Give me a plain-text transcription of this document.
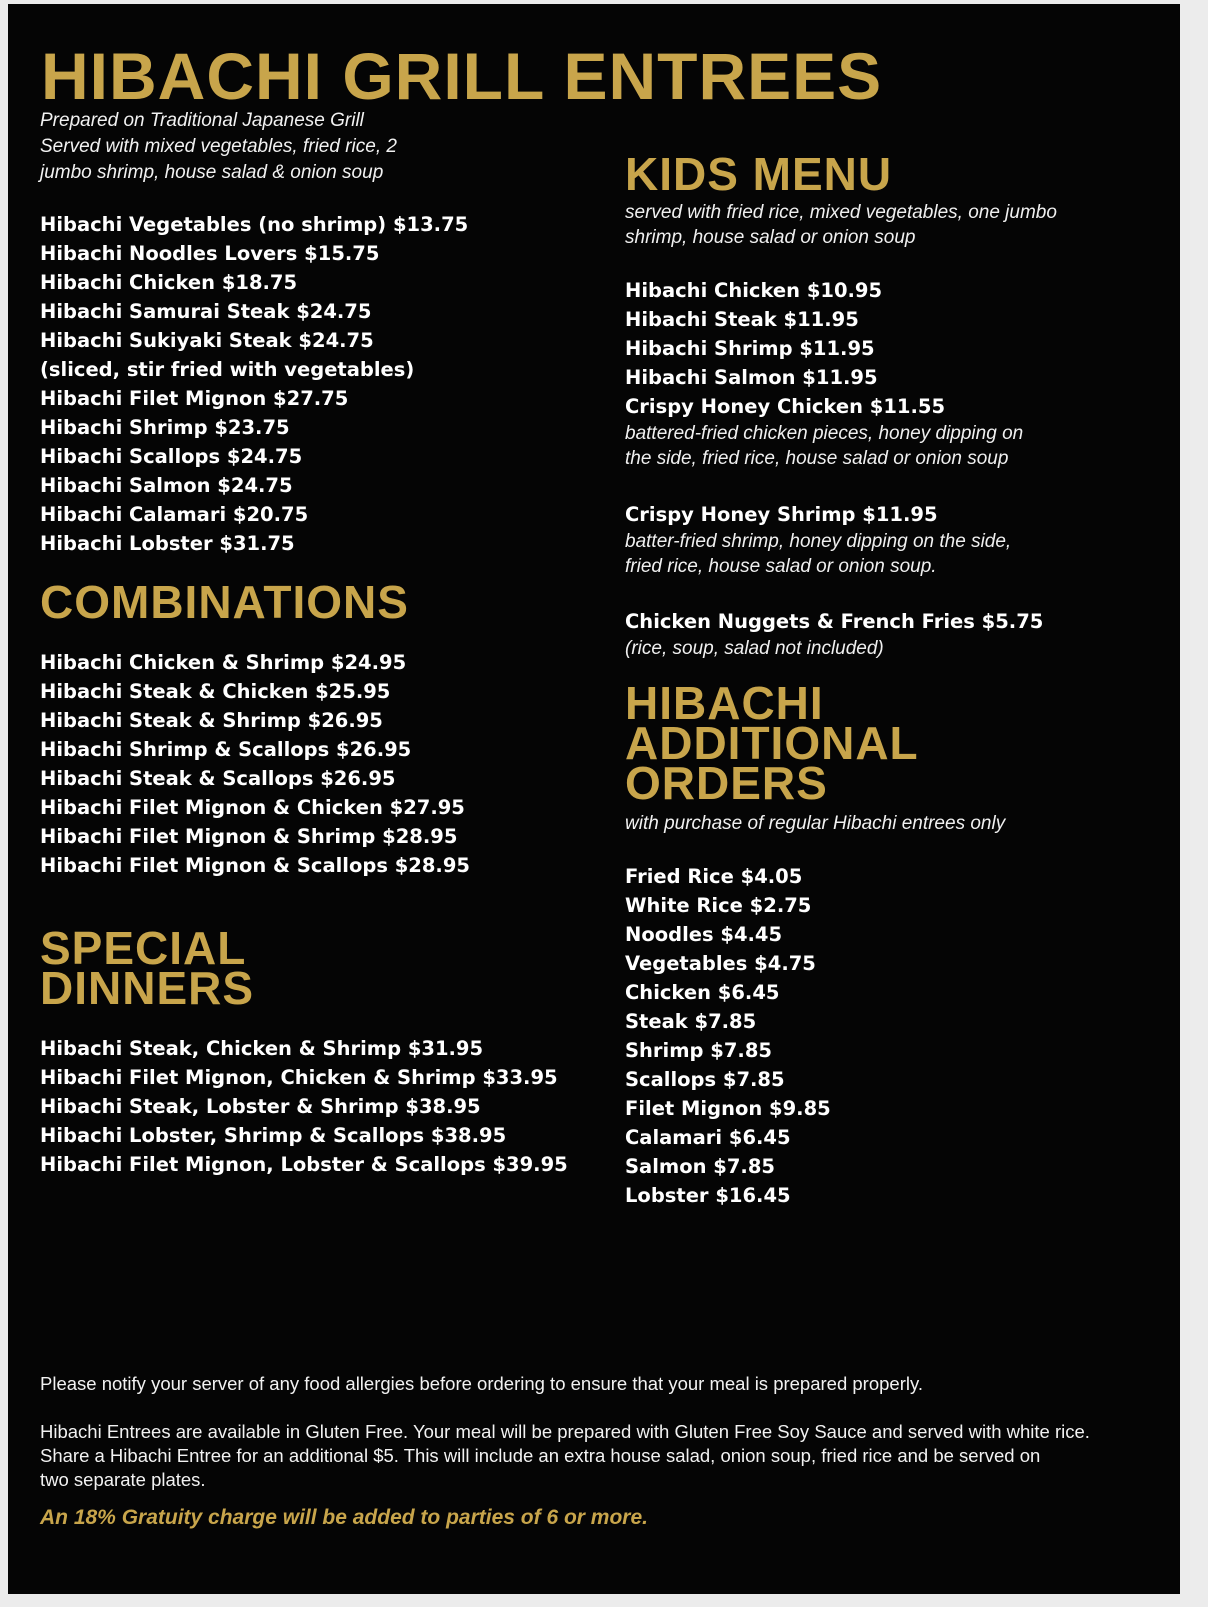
HIBACHI GRILL ENTREES
Prepared on Traditional Japanese Grill
Served with mixed vegetables, fried rice, 2
jumbo shrimp, house salad & onion soup
Hibachi Vegetables (no shrimp) $13.75
Hibachi Noodles Lovers $15.75
Hibachi Chicken $18.75
Hibachi Samurai Steak $24.75
Hibachi Sukiyaki Steak $24.75
(sliced, stir fried with vegetables)
Hibachi Filet Mignon $27.75
Hibachi Shrimp $23.75
Hibachi Scallops $24.75
Hibachi Salmon $24.75
Hibachi Calamari $20.75
Hibachi Lobster $31.75
COMBINATIONS
Hibachi Chicken & Shrimp $24.95
Hibachi Steak & Chicken $25.95
Hibachi Steak & Shrimp $26.95
Hibachi Shrimp & Scallops $26.95
Hibachi Steak & Scallops $26.95
Hibachi Filet Mignon & Chicken $27.95
Hibachi Filet Mignon & Shrimp $28.95
Hibachi Filet Mignon & Scallops $28.95
SPECIAL
DINNERS
Hibachi Steak, Chicken & Shrimp $31.95
Hibachi Filet Mignon, Chicken & Shrimp $33.95
Hibachi Steak, Lobster & Shrimp $38.95
Hibachi Lobster, Shrimp & Scallops $38.95
Hibachi Filet Mignon, Lobster & Scallops $39.95
KIDS MENU
served with fried rice, mixed vegetables, one jumbo
shrimp, house salad or onion soup
Hibachi Chicken $10.95
Hibachi Steak $11.95
Hibachi Shrimp $11.95
Hibachi Salmon $11.95
Crispy Honey Chicken $11.55
battered-fried chicken pieces, honey dipping on
the side, fried rice, house salad or onion soup
Crispy Honey Shrimp $11.95
batter-fried shrimp, honey dipping on the side,
fried rice, house salad or onion soup.
Chicken Nuggets & French Fries $5.75
(rice, soup, salad not included)
HIBACHI
ADDITIONAL
ORDERS
with purchase of regular Hibachi entrees only
Fried Rice $4.05
White Rice $2.75
Noodles $4.45
Vegetables $4.75
Chicken $6.45
Steak $7.85
Shrimp $7.85
Scallops $7.85
Filet Mignon $9.85
Calamari $6.45
Salmon $7.85
Lobster $16.45

Please notify your server of any food allergies before ordering to ensure that your meal is prepared properly.

Hibachi Entrees are available in Gluten Free. Your meal will be prepared with Gluten Free Soy Sauce and served with white rice.
Share a Hibachi Entree for an additional $5. This will include an extra house salad, onion soup, fried rice and be served on
two separate plates.
An 18% Gratuity charge will be added to parties of 6 or more.
